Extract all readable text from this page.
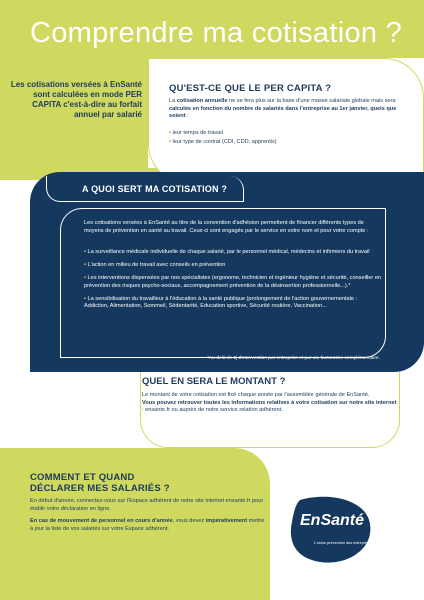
Comprendre ma cotisation ?

Les cotisations versées à EnSanté sont calculées en mode PER CAPITA c'est-à-dire au forfait annuel par salarié

QU'EST-CE QUE LE PER CAPITA ?

La cotisation annuelle ne se fera plus sur la base d'une masse salariale globale mais sera calculée en fonction du nombre de salariés dans l'entreprise au 1er janvier, quels que soient :

• leur temps de travail
• leur type de contrat (CDI, CDD, apprentis)
A QUOI SERT MA COTISATION ?

Les cotisations versées à EnSanté au titre de la convention d'adhésion permettent de financer différents types de moyens de prévention en santé au travail. Ceux-ci sont engagés par le service en votre nom et pour votre compte :

• La surveillance médicale individuelle de chaque salarié, par le personnel médical, médecins et infirmiers du travail
• L'action en milieu de travail avec conseils en prévention
• Les interventions dispensées par nos spécialistes (ergonome, technicien et ingénieur hygiène et sécurité, conseiller en prévention des risques psycho-sociaux, accompagnement prévention de la désinsertion professionnelle...).*
• La sensibilisation du travailleur à l'éducation à la santé publique (prolongement de l'action gouvernementale : Addiction, Alimentation, Sommeil, Sédentarité, Education sportive, Sécurité routière, Vaccination...

*Au-delà de 3j d'intervention par entreprise et par an, facturation complémentaire.

QUEL EN SERA LE MONTANT ?

Le montant de votre cotisation est fixé chaque année par l'assemblée générale de EnSanté.

Vous pouvez retrouver toutes les informations relatives à votre cotisation sur notre site internet : ensante.fr ou auprès de notre service relation adhérent.

COMMENT ET QUAND
DÉCLARER MES SALARIÉS ?

En début d'année, connectez-vous sur l'Espace adhérent de notre site internet ensante.fr pour établir votre déclaration en ligne.

En cas de mouvement de personnel en cours d'année, vous devez impérativement mettre à jour la liste de vos salariés sur votre Espace adhérent.	EnSanté
L'union prévention des entreprises
